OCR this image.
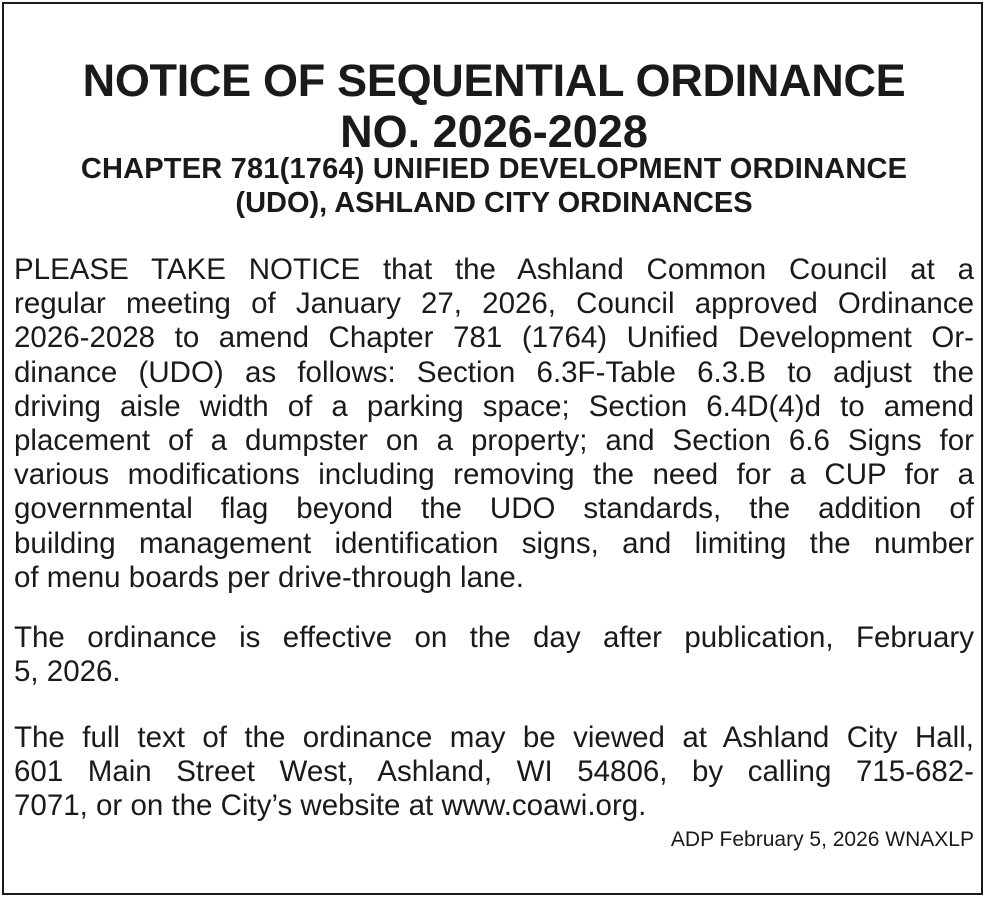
NOTICE OF SEQUENTIAL ORDINANCE
NO. 2026-2028
CHAPTER 781(1764) UNIFIED DEVELOPMENT ORDINANCE
(UDO), ASHLAND CITY ORDINANCES
PLEASE TAKE NOTICE that the Ashland Common Council at a
regular meeting of January 27, 2026, Council approved Ordinance
2026-2028 to amend Chapter 781 (1764) Unified Development Or-
dinance (UDO) as follows: Section 6.3F-Table 6.3.B to adjust the
driving aisle width of a parking space; Section 6.4D(4)d to amend
placement of a dumpster on a property; and Section 6.6 Signs for
various modifications including removing the need for a CUP for a
governmental flag beyond the UDO standards, the addition of
building management identification signs, and limiting the number
of menu boards per drive-through lane.
The ordinance is effective on the day after publication, February
5, 2026.
The full text of the ordinance may be viewed at Ashland City Hall,
601 Main Street West, Ashland, WI 54806, by calling 715-682-
7071, or on the City’s website at www.coawi.org.

ADP February 5, 2026 WNAXLP
